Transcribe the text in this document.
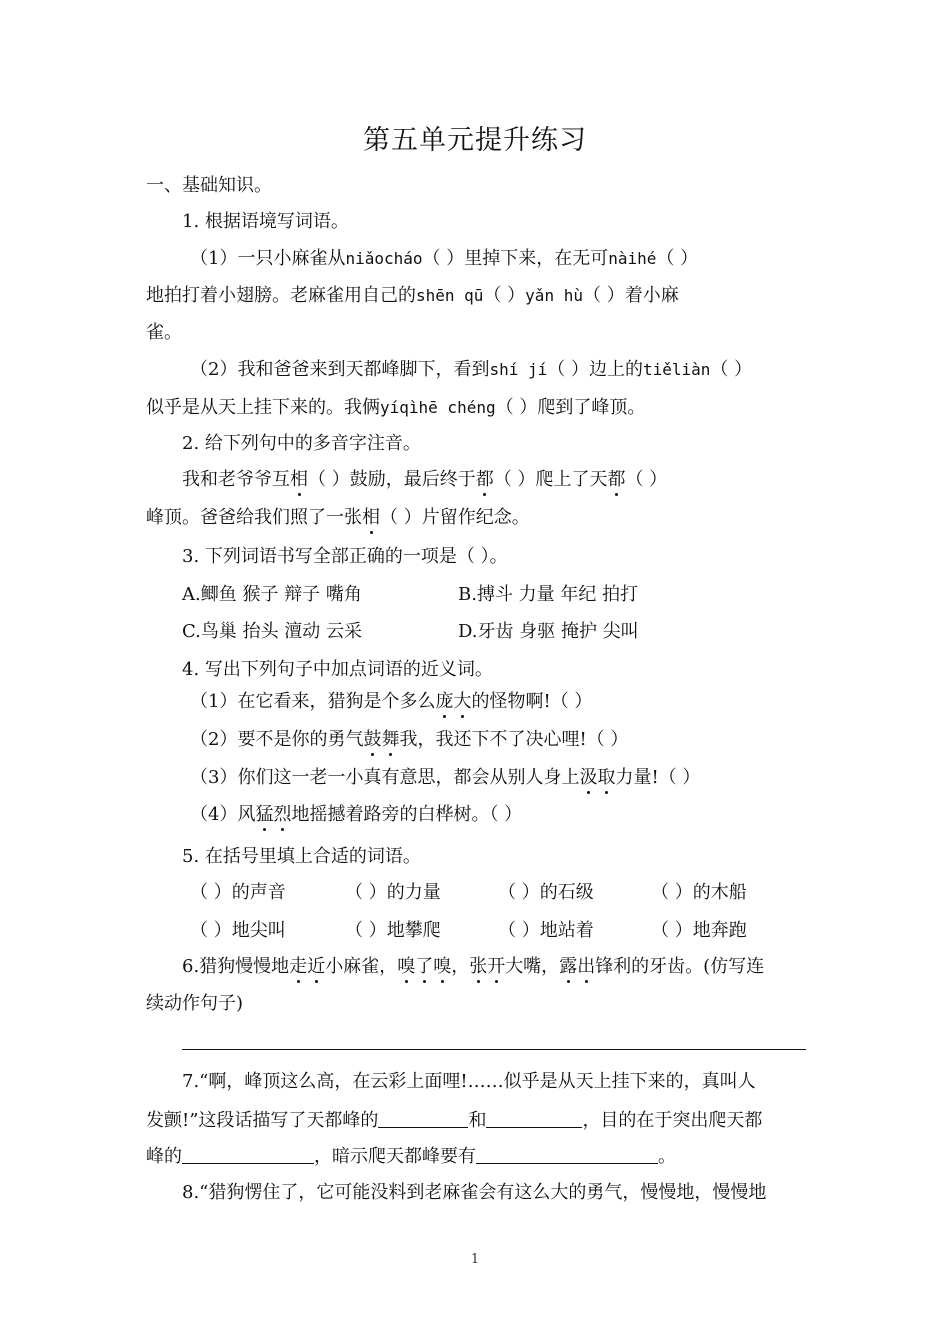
第五单元提升练习
一、基础知识。
1. 根据语境写词语。
（1）一只小麻雀从niǎocháo（ ）里掉下来，在无可nàihé（ ）
地拍打着小翅膀。老麻雀用自己的shēn qū（ ）yǎn hù（ ）着小麻
雀。
（2）我和爸爸来到天都峰脚下，看到shí jí（ ）边上的tiěliàn（ ）
似乎是从天上挂下来的。我俩yíqìhē chéng（ ）爬到了峰顶。
2. 给下列句中的多音字注音。
我和老爷爷互相（ ）鼓励，最后终于都（ ）爬上了天都（ ）
峰顶。爸爸给我们照了一张相（ ）片留作纪念。
3. 下列词语书写全部正确的一项是（ ）。
A.鲫鱼 猴子 辩子 嘴角	B.搏斗 力量 年纪 拍打
C.鸟巢 抬头 澶动 云采	D.牙齿 身驱 掩护 尖叫
4. 写出下列句子中加点词语的近义词。
（1）在它看来，猎狗是个多么庞大的怪物啊!（ ）
（2）要不是你的勇气鼓舞我，我还下不了决心哩!（ ）
（3）你们这一老一小真有意思，都会从别人身上汲取力量!（ ）
（4）风猛烈地摇撼着路旁的白桦树。（ ）
5. 在括号里填上合适的词语。
（ ）的声音	（ ）的力量	（ ）的石级	（ ）的木船
（ ）地尖叫	（ ）地攀爬	（ ）地站着	（ ）地奔跑
6.猎狗慢慢地走近小麻雀，嗅了嗅，张开大嘴，露出锋利的牙齿。(仿写连
续动作句子)
7.“啊，峰顶这么高，在云彩上面哩!……似乎是从天上挂下来的，真叫人
发颤!”这段话描写了天都峰的	和	，目的在于突出爬天都
峰的	，暗示爬天都峰要有	。
8.“猎狗愣住了，它可能没料到老麻雀会有这么大的勇气，慢慢地，慢慢地
1
